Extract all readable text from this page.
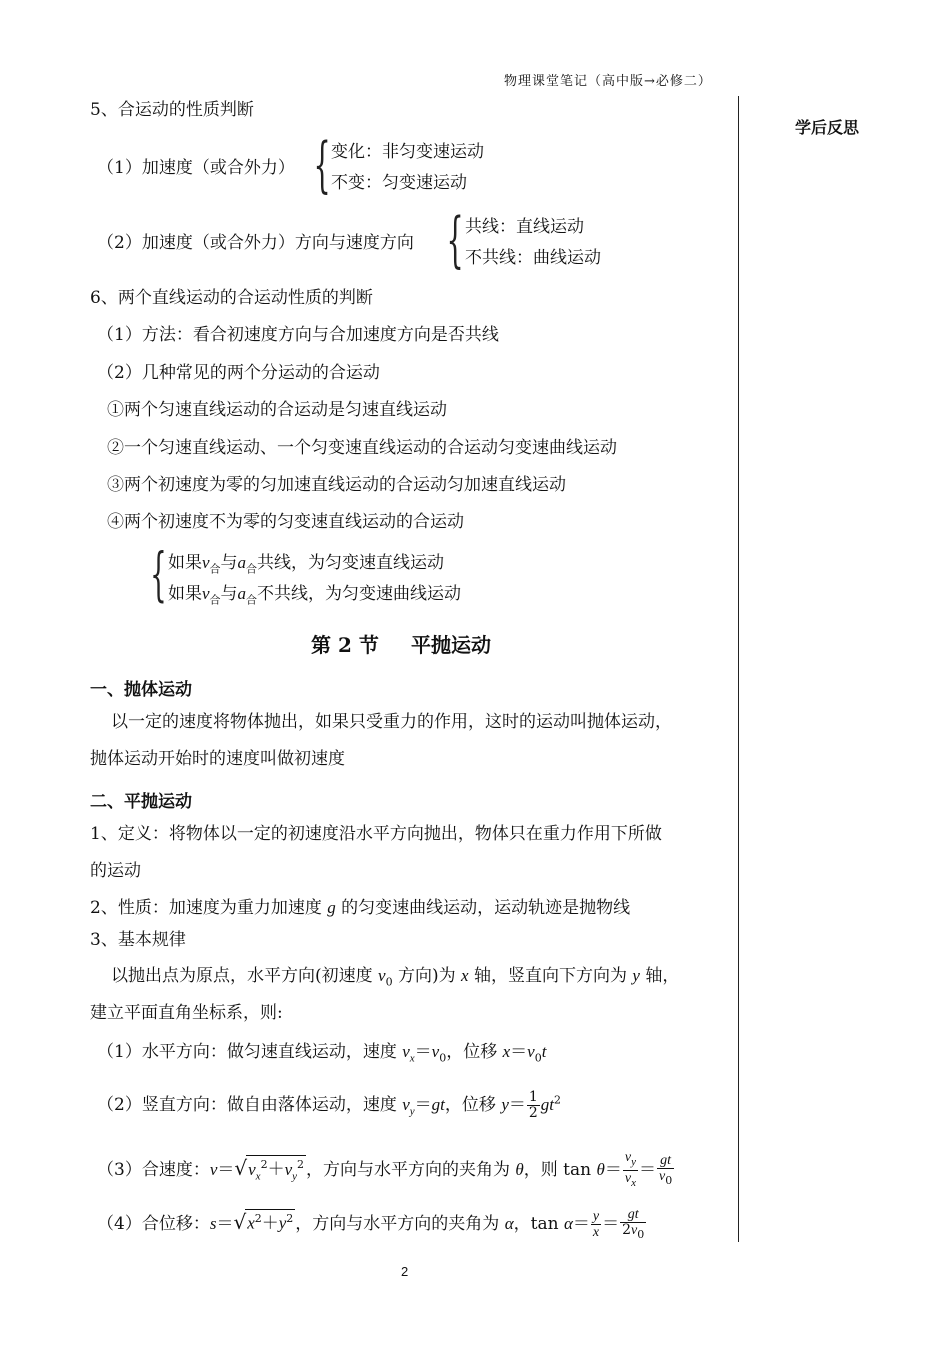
物理课堂笔记（高中版→必修二）
学后反思
5、合运动的性质判断
（1）加速度（或合外力） { 变化：非匀变速运动
不变：匀变速运动
（2）加速度（或合外力）方向与速度方向 { 共线：直线运动
不共线：曲线运动
6、两个直线运动的合运动性质的判断
（1）方法：看合初速度方向与合加速度方向是否共线
（2）几种常见的两个分运动的合运动
①两个匀速直线运动的合运动是匀速直线运动
②一个匀速直线运动、一个匀变速直线运动的合运动匀变速曲线运动
③两个初速度为零的匀加速直线运动的合运动匀加速直线运动
④两个初速度不为零的匀变速直线运动的合运动
{ 如果$v_合$与$a_合$共线，为匀变速直线运动
如果$v_合$与$a_合$不共线，为匀变速曲线运动
第 2 节 平抛运动
一、抛体运动
以一定的速度将物体抛出，如果只受重力的作用，这时的运动叫抛体运动，
抛体运动开始时的速度叫做初速度
二、平抛运动
1、定义：将物体以一定的初速度沿水平方向抛出，物体只在重力作用下所做
的运动
2、性质：加速度为重力加速度 g 的匀变速曲线运动，运动轨迹是抛物线
3、基本规律
以抛出点为原点，水平方向(初速度 $v_0$ 方向)为 x 轴，竖直向下方向为 y 轴，
建立平面直角坐标系，则:
（1）水平方向：做匀速直线运动，速度 $v_x=v_0$，位移 $x=v_0t$
（2）竖直方向：做自由落体运动，速度 $v_y=gt$，位移 $y= \frac{1}{2} gt^2$
（3）合速度：$v=√v_x^2+v_y^2$ ，方向与水平方向的夹角为 θ，则 $\tan \theta= \frac{v_y}{v_x} = \frac{gt}{v_0}$
（4）合位移：$s=√x^2+y^2$ ，方向与水平方向的夹角为 α，$\tan \alpha= \frac{y}{x} = \frac{gt}{2v_0}$
2
